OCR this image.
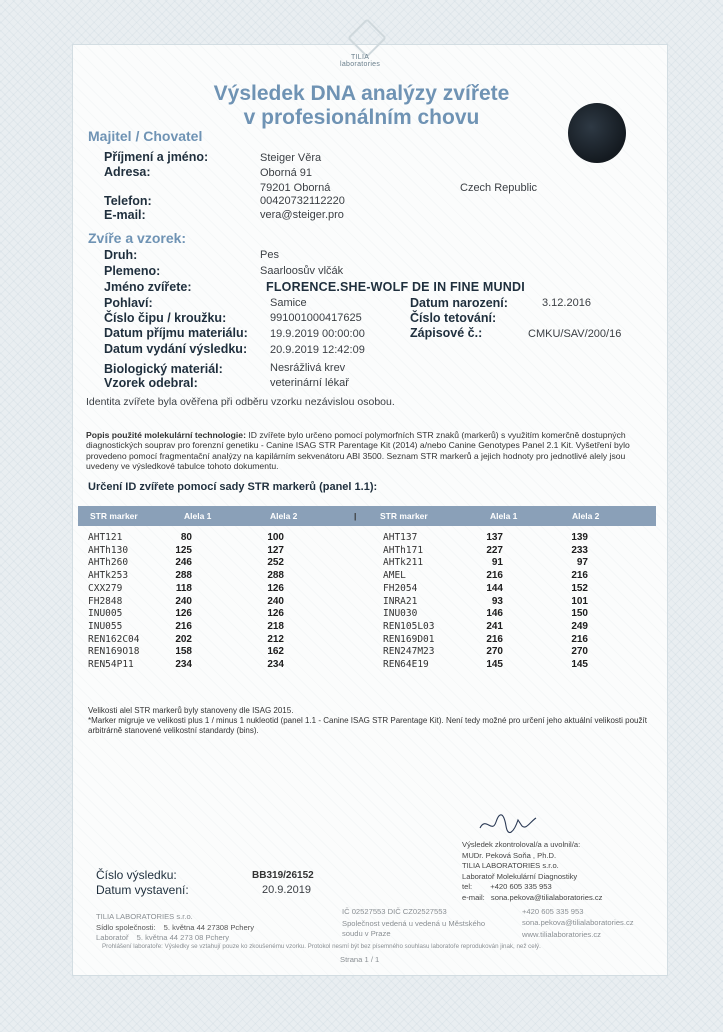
TILIA
laboratories
Výsledek DNA analýzy zvířete
v profesionálním chovu
Majitel / Chovatel
Příjmení a jméno:	Steiger Věra
Adresa:	Oborná 91
79201 Oborná	Czech Republic
Telefon:	00420732112220
E-mail:	vera@steiger.pro
Zvíře a vzorek:
Druh:	Pes
Plemeno:	Saarloosův vlčák
Jméno zvířete:	FLORENCE.SHE-WOLF DE IN FINE MUNDI
Pohlaví:	Samice	Datum narození:	3.12.2016
Číslo čipu / kroužku:	991001000417625	Číslo tetování:
Datum příjmu materiálu: 19.9.2019 00:00:00	Zápisové č.:	CMKU/SAV/200/16
Datum vydání výsledku: 20.9.2019 12:42:09
Biologický materiál:	Nesrážlivá krev
Vzorek odebral:	veterinární lékař
Identita zvířete byla ověřena při odběru vzorku nezávislou osobou.
Popis použité molekulární technologie: ID zvířete bylo určeno pomocí polymorfních STR znaků (markerů) s využitím komerčně dostupných diagnostických souprav pro forenzní genetiku - Canine ISAG STR Parentage Kit (2014) a/nebo Canine Genotypes Panel 2.1 Kit. Vyšetření bylo provedeno pomocí fragmentační analýzy na kapilárním sekvenátoru ABI 3500. Seznam STR markerů a jejich hodnoty pro jednotlivé alely jsou uvedeny ve výsledkové tabulce tohoto dokumentu.
Určení ID zvířete pomocí sady STR markerů (panel 1.1):
STR marker	Alela 1	Alela 2	|	STR marker	Alela 1	Alela 2
AHT121	80	100	AHT137	137	139
AHTh130	125	127	AHTh171	227	233
AHTh260	246	252	AHTk211	91	97
AHTk253	288	288	AMEL	216	216
CXX279	118	126	FH2054	144	152
FH2848	240	240	INRA21	93	101
INU005	126	126	INU030	146	150
INU055	216	218	REN105L03	241	249
REN162C04	202	212	REN169D01	216	216
REN169O18	158	162	REN247M23	270	270
REN54P11	234	234	REN64E19	145	145
Velikosti alel STR markerů byly stanoveny dle ISAG 2015.
*Marker migruje ve velikosti plus 1 / minus 1 nukleotid (panel 1.1 - Canine ISAG STR Parentage Kit). Není tedy možné pro určení jeho aktuální velikosti použít arbitrárně stanovené velikostní standardy (bins).
Výsledek zkontroloval/a a uvolnil/a:
MUDr. Peková Soňa , Ph.D.
TILIA LABORATORIES s.r.o.
Laboratoř Molekulární Diagnostiky
tel: +420 605 335 953
e-mail: sona.pekova@tilialaboratories.cz
Číslo výsledku:	BB319/26152
Datum vystavení:	20.9.2019
TILIA LABORATORIES s.r.o.
Sídlo společnosti: 5. května 44 27308 Pchery
Laboratoř 5. května 44 273 08 Pchery
IČ 02527553 DIČ CZ02527553
Společnost vedená u vedená u Městského soudu v Praze
+420 605 335 953
sona.pekova@tilialaboratories.cz
www.tilialaboratories.cz
Prohlášení laboratoře: Výsledky se vztahují pouze ko zkoušenému vzorku. Protokol nesmí být bez písemného souhlasu laboratoře reprodukován jinak, než celý.
Strana 1 / 1
